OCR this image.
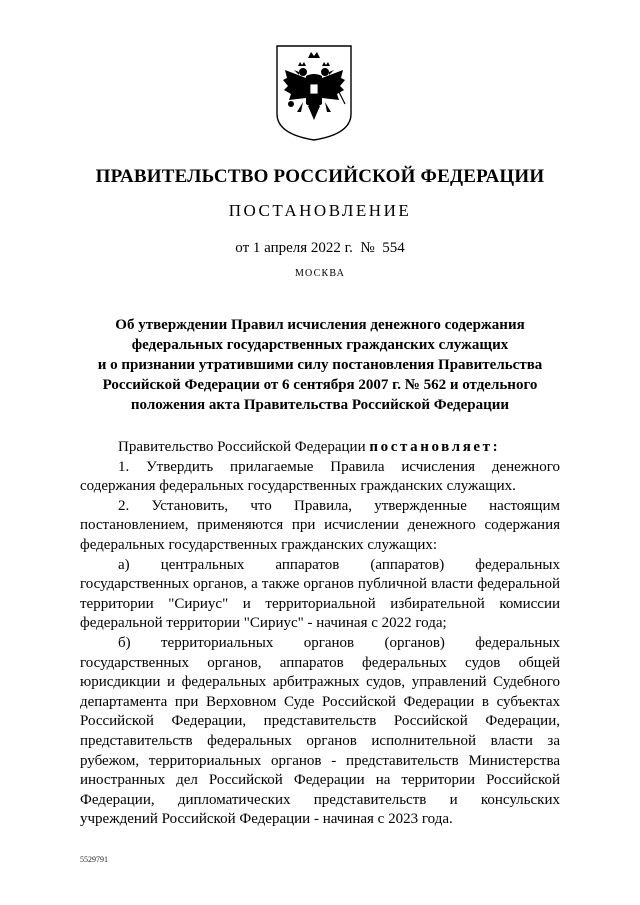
ПРАВИТЕЛЬСТВО РОССИЙСКОЙ ФЕДЕРАЦИИ
ПОСТАНОВЛЕНИЕ
от 1 апреля 2022 г.  №  554
МОСКВА
Об утверждении Правил исчисления денежного содержания
федеральных государственных гражданских служащих
и о признании утратившими силу постановления Правительства
Российской Федерации от 6 сентября 2007 г. № 562 и отдельного
положения акта Правительства Российской Федерации

Правительство Российской Федерации постановляет:

1. Утвердить прилагаемые Правила исчисления денежного содержания федеральных государственных гражданских служащих.

2. Установить, что Правила, утвержденные настоящим постановлением, применяются при исчислении денежного содержания федеральных государственных гражданских служащих:

а) центральных аппаратов (аппаратов) федеральных государственных органов, а также органов публичной власти федеральной территории "Сириус" и территориальной избирательной комиссии федеральной территории "Сириус" - начиная с 2022 года;

б) территориальных органов (органов) федеральных государственных органов, аппаратов федеральных судов общей юрисдикции и федеральных арбитражных судов, управлений Судебного департамента при Верховном Суде Российской Федерации в субъектах Российской Федерации, представительств Российской Федерации, представительств федеральных органов исполнительной власти за рубежом, территориальных органов - представительств Министерства иностранных дел Российской Федерации на территории Российской Федерации, дипломатических представительств и консульских учреждений Российской Федерации - начиная с 2023 года.

5529791
